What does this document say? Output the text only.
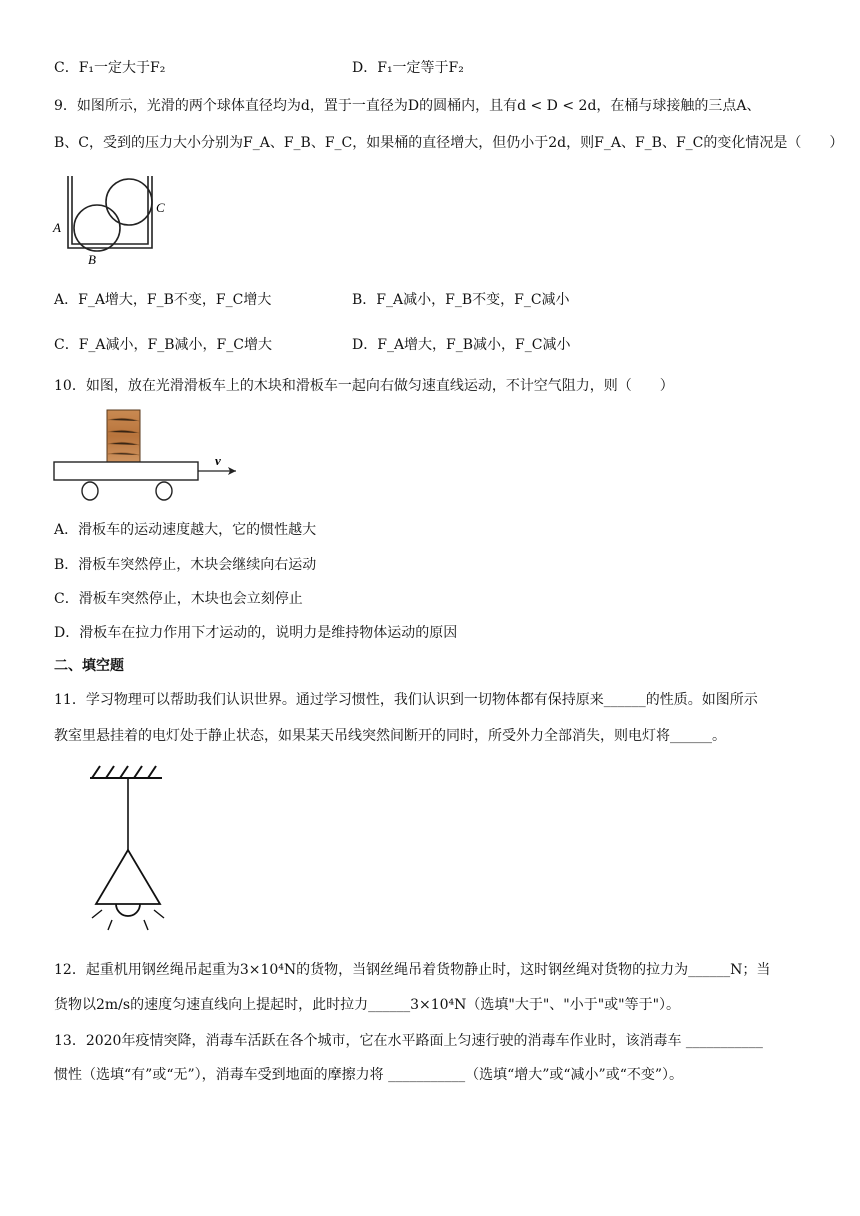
C．F₁一定大于F₂	D．F₁一定等于F₂
9．如图所示，光滑的两个球体直径均为d，置于一直径为D的圆桶内，且有d < D < 2d，在桶与球接触的三点A、
B、C，受到的压力大小分别为F_A、F_B、F_C，如果桶的直径增大，但仍小于2d，则F_A、F_B、F_C的变化情况是（　　）
A
B
C
A．F_A增大，F_B不变，F_C增大	B．F_A减小，F_B不变，F_C减小
C．F_A减小，F_B减小，F_C增大	D．F_A增大，F_B减小，F_C减小
10．如图，放在光滑滑板车上的木块和滑板车一起向右做匀速直线运动，不计空气阻力，则（　　）
v
A．滑板车的运动速度越大，它的惯性越大
B．滑板车突然停止，木块会继续向右运动
C．滑板车突然停止，木块也会立刻停止
D．滑板车在拉力作用下才运动的，说明力是维持物体运动的原因
二、填空题
11．学习物理可以帮助我们认识世界。通过学习惯性，我们认识到一切物体都有保持原来______的性质。如图所示
教室里悬挂着的电灯处于静止状态，如果某天吊线突然间断开的同时，所受外力全部消失，则电灯将______。
12．起重机用钢丝绳吊起重为3×10⁴N的货物，当钢丝绳吊着货物静止时，这时钢丝绳对货物的拉力为______N；当
货物以2m/s的速度匀速直线向上提起时，此时拉力______3×10⁴N（选填"大于"、"小于"或"等于"）。
13．2020年疫情突降，消毒车活跃在各个城市，它在水平路面上匀速行驶的消毒车作业时，该消毒车 ___________
惯性（选填“有”或“无”），消毒车受到地面的摩擦力将 ___________（选填“增大”或“减小”或“不变”）。
